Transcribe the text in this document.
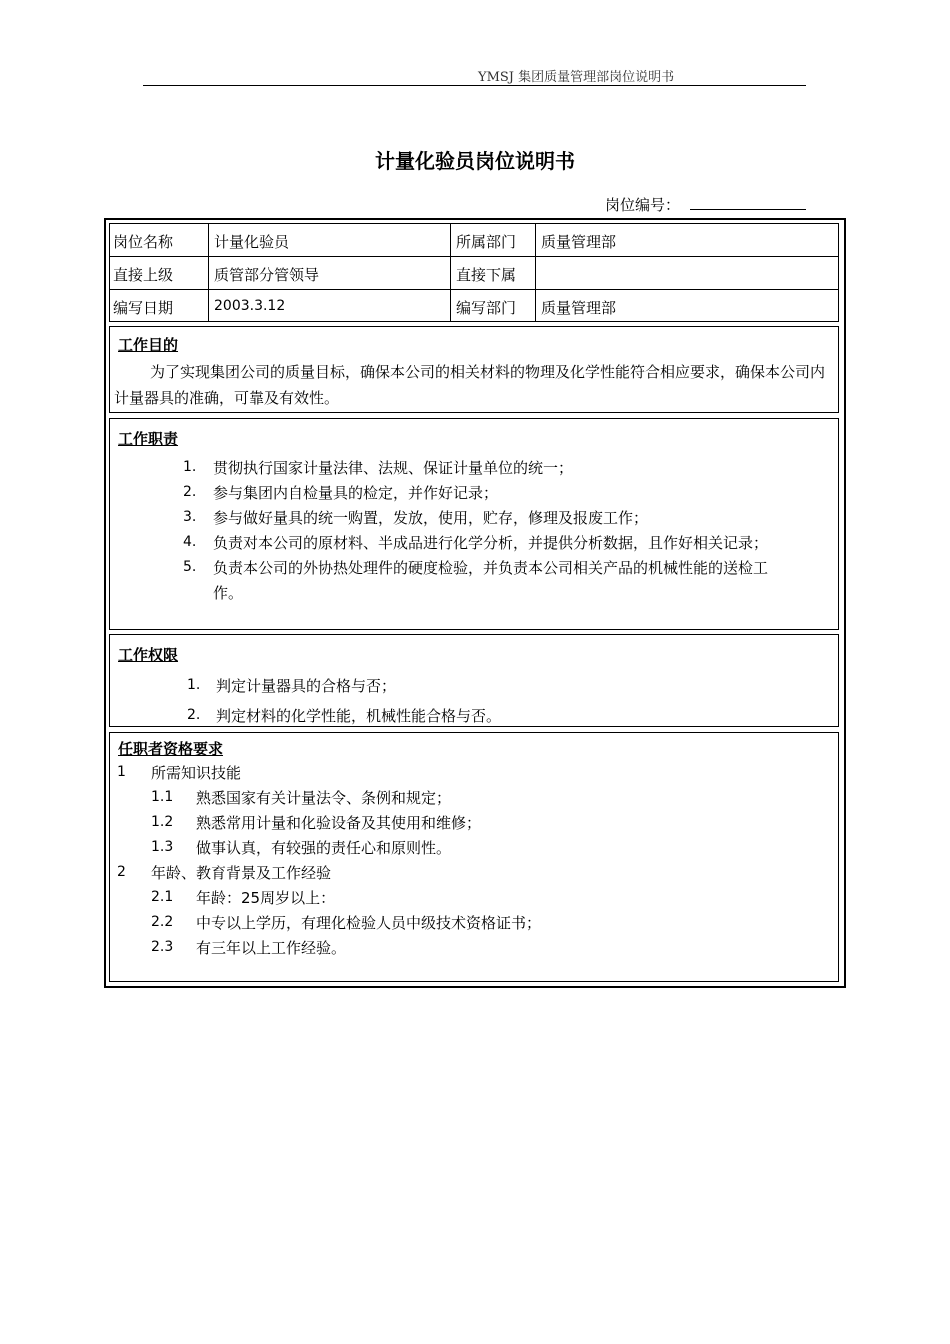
YMSJ 集团质量管理部岗位说明书
计量化验员岗位说明书
岗位编号：
岗位名称	计量化验员	所属部门 质量管理部
直接上级	质管部分管领导	直接下属
编写日期	2003.3.12	编写部门 质量管理部
工作目的
为了实现集团公司的质量目标，确保本公司的相关材料的物理及化学性能符合相应要求，确保本公司内计量器具的准确，可靠及有效性。
工作职责
1. 贯彻执行国家计量法律、法规、保证计量单位的统一；
2. 参与集团内自检量具的检定，并作好记录；
3. 参与做好量具的统一购置，发放，使用，贮存，修理及报废工作；
4. 负责对本公司的原材料、半成品进行化学分析，并提供分析数据，且作好相关记录；
5. 负责本公司的外协热处理件的硬度检验，并负责本公司相关产品的机械性能的送检工
作。
工作权限
1. 判定计量器具的合格与否；
2. 判定材料的化学性能，机械性能合格与否。
任职者资格要求
1 所需知识技能
1.1 熟悉国家有关计量法令、条例和规定；
1.2 熟悉常用计量和化验设备及其使用和维修；
1.3 做事认真，有较强的责任心和原则性。
2 年龄、教育背景及工作经验
2.1 年龄：25周岁以上：
2.2 中专以上学历，有理化检验人员中级技术资格证书；
2.3 有三年以上工作经验。
